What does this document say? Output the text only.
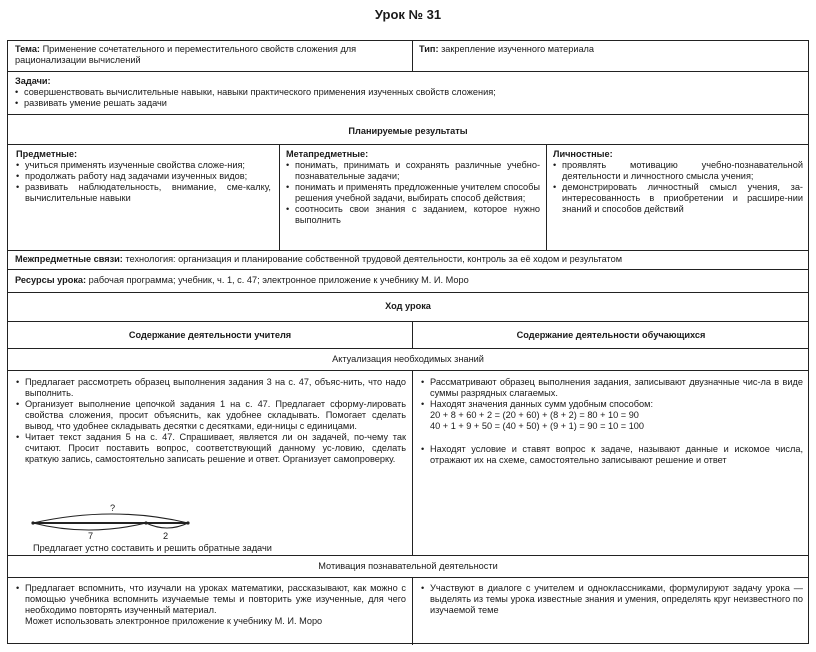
Урок № 31
Тема: Применение сочетательного и переместительного свойств сложения для рационализации вычислений
Тип: закрепление изученного материала
Задачи:
• совершенствовать вычислительные навыки, навыки практического применения изученных свойств сложения;
• развивать умение решать задачи
Планируемые результаты
Предметные:
• учиться применять изученные свойства сложе-ния;
• продолжать работу над задачами изученных видов;
• развивать наблюдательность, внимание, сме-калку, вычислительные навыки
Метапредметные:
• понимать, принимать и сохранять различные учебно-познавательные задачи;
• понимать и применять предложенные учителем способы решения учебной задачи, выбирать способ действия;
• соотносить свои знания с заданием, которое нужно выполнить
Личностные:
• проявлять мотивацию учебно-познавательной деятельности и личностного смысла учения;
• демонстрировать личностный смысл учения, за-интересованность в приобретении и расшире-нии знаний и способов действий
Межпредметные связи: технология: организация и планирование собственной трудовой деятельности, контроль за её ходом и результатом
Ресурсы урока: рабочая программа; учебник, ч. 1, с. 47; электронное приложение к учебнику М. И. Моро
Ход урока
Содержание деятельности учителя	Содержание деятельности обучающихся
Актуализация необходимых знаний
• Предлагает рассмотреть образец выполнения задания 3 на с. 47, объяс-нить, что надо выполнить.
• Организует выполнение цепочкой задания 1 на с. 47. Предлагает сформу-лировать свойства сложения, просит объяснить, как удобнее складывать. Помогает сделать вывод, что удобнее складывать десятки с десятками, еди-ницы с единицами.
• Читает текст задания 5 на с. 47. Спрашивает, является ли он задачей, по-чему так считают. Просит поставить вопрос, соответствующий данному ус-ловию, сделать краткую запись, самостоятельно записать решение и ответ. Организует самопроверку.
?
7	2
Предлагает устно составить и решить обратные задачи
• Рассматривают образец выполнения задания, записывают двузначные чис-ла в виде суммы разрядных слагаемых.
• Находят значения данных сумм удобным способом:
20 + 8 + 60 + 2 = (20 + 60) + (8 + 2) = 80 + 10 = 90
40 + 1 + 9 + 50 = (40 + 50) + (9 + 1) = 90 = 10 = 100
• Находят условие и ставят вопрос к задаче, называют данные и искомое числа, отражают их на схеме, самостоятельно записывают решение и ответ
Мотивация познавательной деятельности
• Предлагает вспомнить, что изучали на уроках математики, рассказывают, как можно с помощью учебника вспомнить изучаемые темы и повторить уже изученные, для чего необходимо повторять изученный материал.
Может использовать электронное приложение к учебнику М. И. Моро
• Участвуют в диалоге с учителем и одноклассниками, формулируют задачу урока — выделять из темы урока известные знания и умения, определять круг неизвестного по изучаемой теме
